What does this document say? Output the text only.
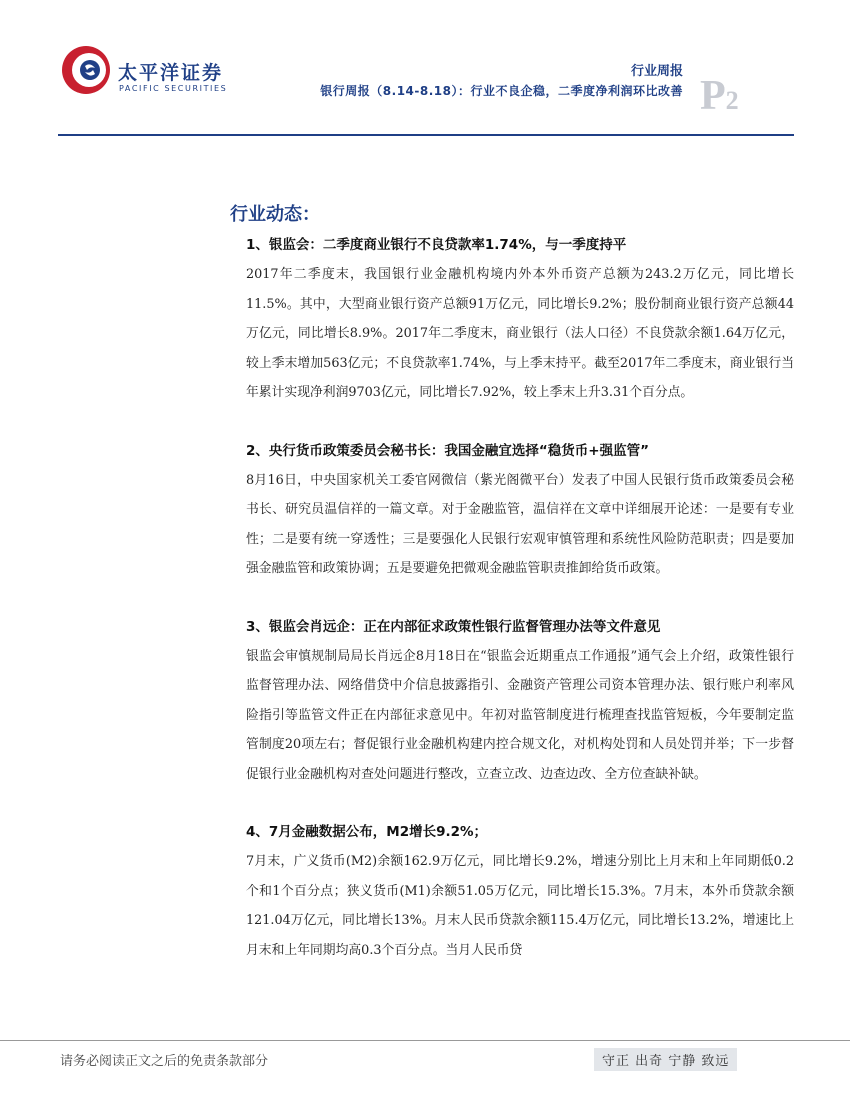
太平洋证券
PACIFIC SECURITIES
行业周报
银行周报（8.14-8.18）：行业不良企稳，二季度净利润环比改善 P2
行业动态：
1、银监会：二季度商业银行不良贷款率1.74%，与一季度持平
2017年二季度末，我国银行业金融机构境内外本外币资产总额为243.2万亿元，同比增长11.5%。其中，大型商业银行资产总额91万亿元，同比增长9.2%；股份制商业银行资产总额44万亿元，同比增长8.9%。2017年二季度末，商业银行（法人口径）不良贷款余额1.64万亿元，较上季末增加563亿元；不良贷款率1.74%，与上季末持平。截至2017年二季度末，商业银行当年累计实现净利润9703亿元，同比增长7.92%，较上季末上升3.31个百分点。
2、央行货币政策委员会秘书长：我国金融宜选择“稳货币+强监管”
8月16日，中央国家机关工委官网微信（紫光阁微平台）发表了中国人民银行货币政策委员会秘书长、研究员温信祥的一篇文章。对于金融监管，温信祥在文章中详细展开论述：一是要有专业性；二是要有统一穿透性；三是要强化人民银行宏观审慎管理和系统性风险防范职责；四是要加强金融监管和政策协调；五是要避免把微观金融监管职责推卸给货币政策。
3、银监会肖远企：正在内部征求政策性银行监督管理办法等文件意见
银监会审慎规制局局长肖远企8月18日在“银监会近期重点工作通报”通气会上介绍，政策性银行监督管理办法、网络借贷中介信息披露指引、金融资产管理公司资本管理办法、银行账户利率风险指引等监管文件正在内部征求意见中。年初对监管制度进行梳理查找监管短板，今年要制定监管制度20项左右；督促银行业金融机构建内控合规文化，对机构处罚和人员处罚并举；下一步督促银行业金融机构对查处问题进行整改，立查立改、边查边改、全方位查缺补缺。
4、7月金融数据公布，M2增长9.2%；
7月末，广义货币(M2)余额162.9万亿元，同比增长9.2%，增速分别比上月末和上年同期低0.2个和1个百分点；狭义货币(M1)余额51.05万亿元，同比增长15.3%。7月末，本外币贷款余额121.04万亿元，同比增长13%。月末人民币贷款余额115.4万亿元，同比增长13.2%，增速比上月末和上年同期均高0.3个百分点。当月人民币贷
请务必阅读正文之后的免责条款部分	守正 出奇 宁静 致远
